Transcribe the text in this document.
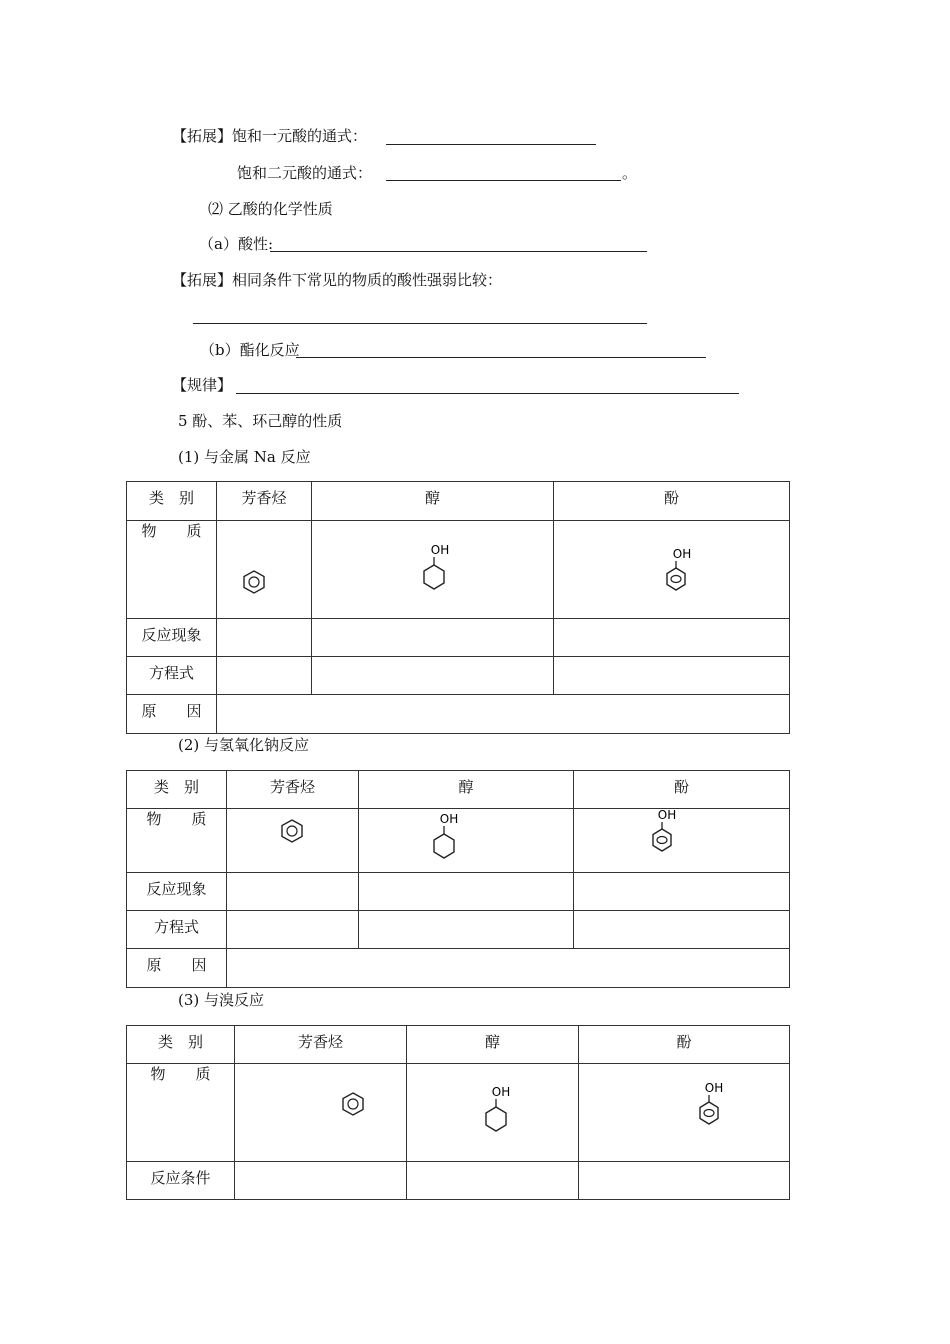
【拓展】饱和一元酸的通式：
饱和二元酸的通式：	。
⑵ 乙酸的化学性质
（a）酸性:
【拓展】相同条件下常见的物质的酸性强弱比较：
（b）酯化反应
【规律】
5 酚、苯、环己醇的性质
(1) 与金属 Na 反应
类　别	芳香烃	醇	酚

物　　质		OH	OH

反应现象			

方程式			

原　　因			

(2) 与氢氧化钠反应
类　别	芳香烃	醇	酚

物　　质		OH	OH

反应现象			

方程式			

原　　因			

(3) 与溴反应
类　别	芳香烃	醇	酚

物　　质		OH	OH

反应条件			
